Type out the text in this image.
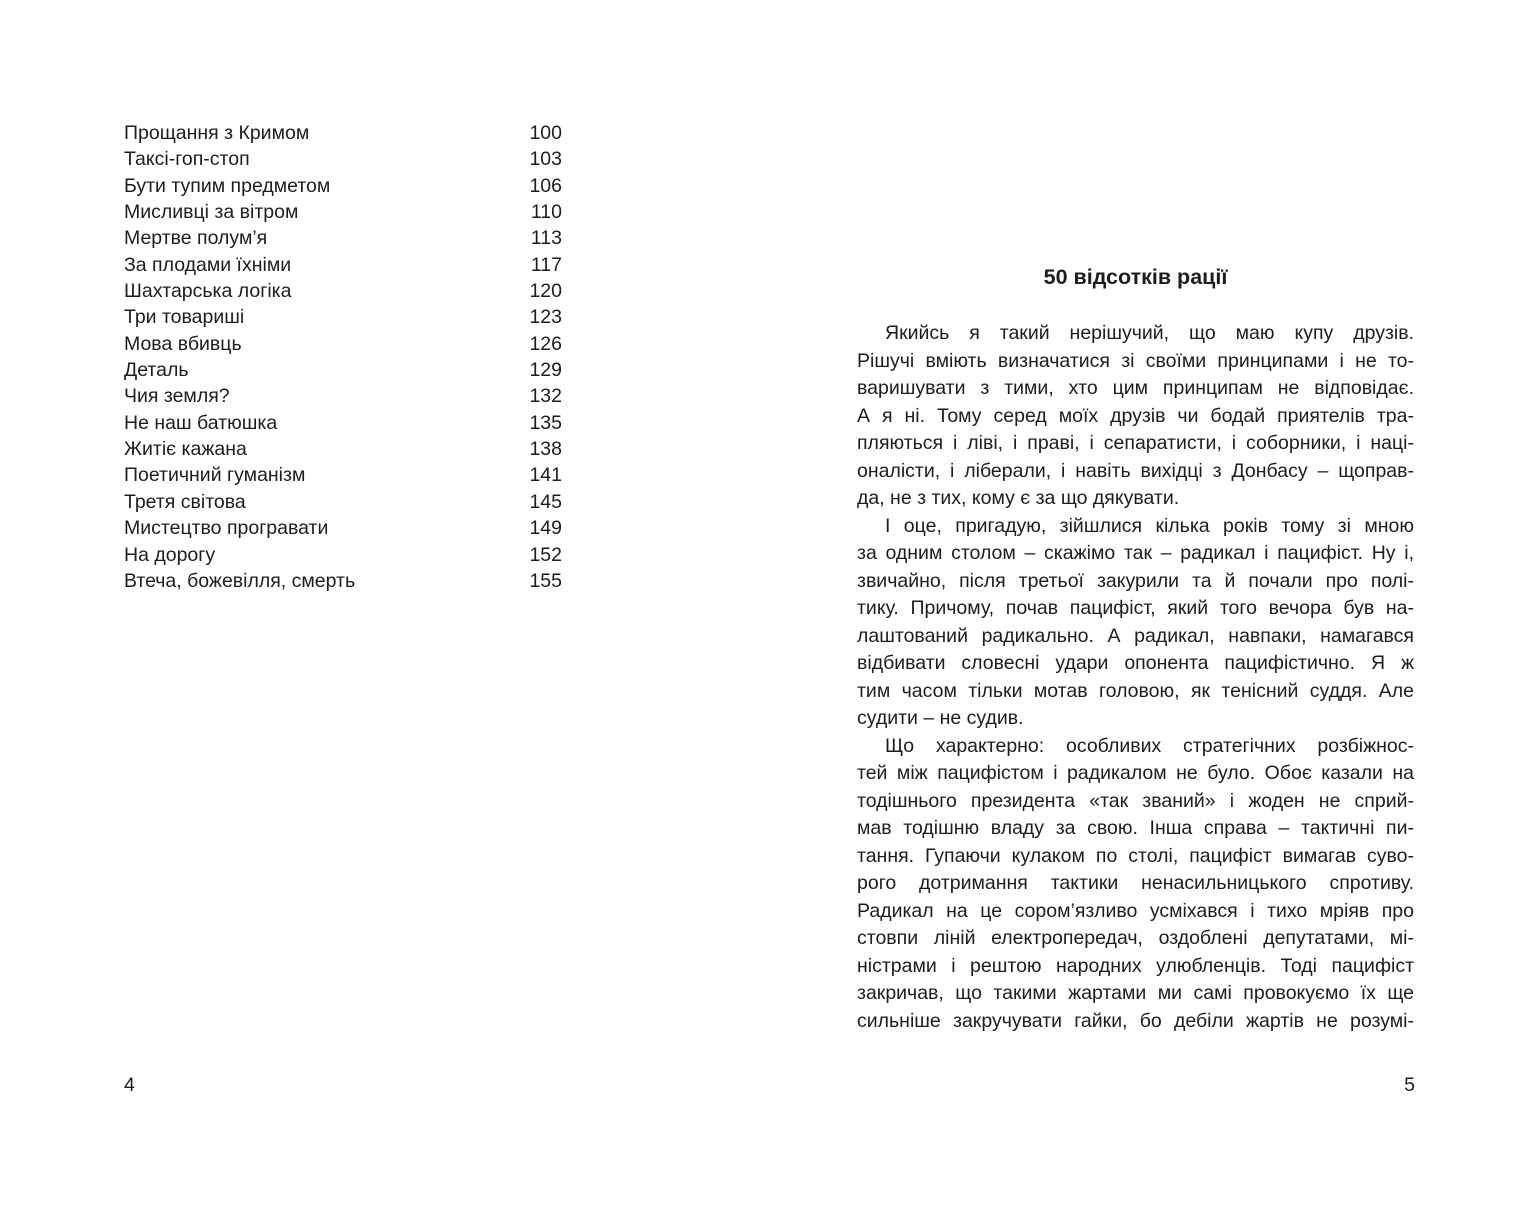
Прощання з Кримом	100
Таксі-гоп-стоп	103
Бути тупим предметом	106
Мисливці за вітром	110
Мертве полум’я	113
За плодами їхніми	117
Шахтарська логіка	120
Три товариші	123
Мова вбивць	126
Деталь	129
Чия земля?	132
Не наш батюшка	135
Житіє кажана	138
Поетичний гуманізм	141
Третя світова	145
Мистецтво програвати	149
На дорогу	152
Втеча, божевілля, смерть	155
4
50 відсотків рації
Якийсь я такий нерішучий, що маю купу друзів.
Рішучі вміють визначатися зі своїми принципами і не то-
варишувати з тими, хто цим принципам не відповідає.
А я ні. Тому серед моїх друзів чи бодай приятелів тра-
пляються і ліві, і праві, і сепаратисти, і соборники, і наці-
оналісти, і ліберали, і навіть вихідці з Донбасу – щоправ-
да, не з тих, кому є за що дякувати.
І оце, пригадую, зійшлися кілька років тому зі мною
за одним столом – скажімо так – радикал і пацифіст. Ну і,
звичайно, після третьої закурили та й почали про полі-
тику. Причому, почав пацифіст, який того вечора був на-
лаштований радикально. А радикал, навпаки, намагався
відбивати словесні удари опонента пацифістично. Я ж
тим часом тільки мотав головою, як тенісний суддя. Але
судити – не судив.
Що характерно: особливих стратегічних розбіжнос-
тей між пацифістом і радикалом не було. Обоє казали на
тодішнього президента «так званий» і жоден не сприй-
мав тодішню владу за свою. Інша справа – тактичні пи-
тання. Гупаючи кулаком по столі, пацифіст вимагав суво-
рого дотримання тактики ненасильницького спротиву.
Радикал на це сором’язливо усміхався і тихо мріяв про
стовпи ліній електропередач, оздоблені депутатами, мі-
ністрами і рештою народних улюбленців. Тоді пацифіст
закричав, що такими жартами ми самі провокуємо їх ще
сильніше закручувати гайки, бо дебіли жартів не розумі-
5
